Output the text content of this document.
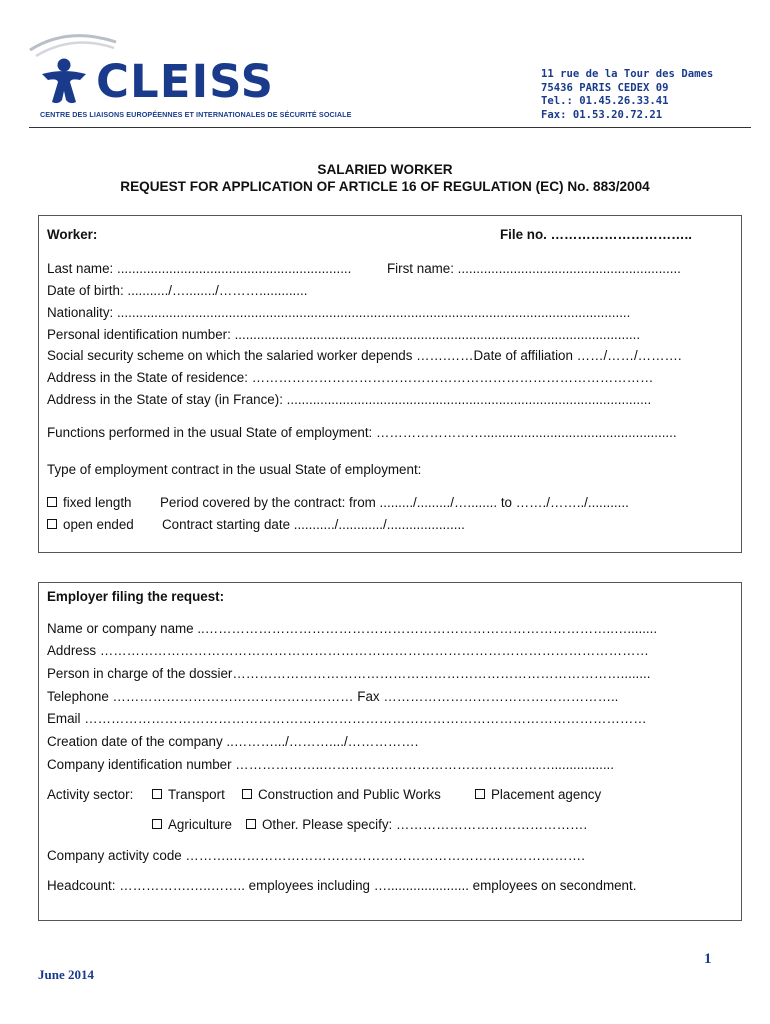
CLEISS
CENTRE DES LIAISONS EUROPÉENNES ET INTERNATIONALES DE SÉCURITÉ SOCIALE
11 rue de la Tour des Dames
75436 PARIS CEDEX 09
Tel.: 01.45.26.33.41
Fax: 01.53.20.72.21
SALARIED WORKER
REQUEST FOR APPLICATION OF ARTICLE 16 OF REGULATION (EC) No. 883/2004
Worker:	File no. …………………………..
Last name: ...............................................................	First name: ............................................................
Date of birth: .........../…......../……….............
Nationality: ..........................................................................................................................................
Personal identification number: .............................................................................................................
Social security scheme on which the salaried worker depends …….……Date of affiliation ……/……/……….
Address in the State of residence: ………………………………………………………………………………
Address in the State of stay (in France): ..................................................................................................
Functions performed in the usual State of employment: ……………………....................................................
Type of employment contract in the usual State of employment:
fixed length Period covered by the contract: from ........./........./…........ to ……./……../...........
open ended Contract starting date .........../............/.....................
Employer filing the request:
Name or company name ..………………………………………………………………………………..…........
Address ……………………………………………………………………………………………………………
Person in charge of the dossier……………………………………………………………………………........
Telephone ……………………………………………… Fax ……………………………………………..
Email ………………………………………………………………………………………………………………
Creation date of the company ..……….../………..../…………….
Company identification number ………………..…………………………………………….................
Activity sector:	Transport	Construction and Public Works	Placement agency
Agriculture	Other. Please specify: …………………………………….
Company activity code ………..…………………………………………………………………….
Headcount: …………….…..…….. employees including …...................... employees on secondment.
1
June 2014
